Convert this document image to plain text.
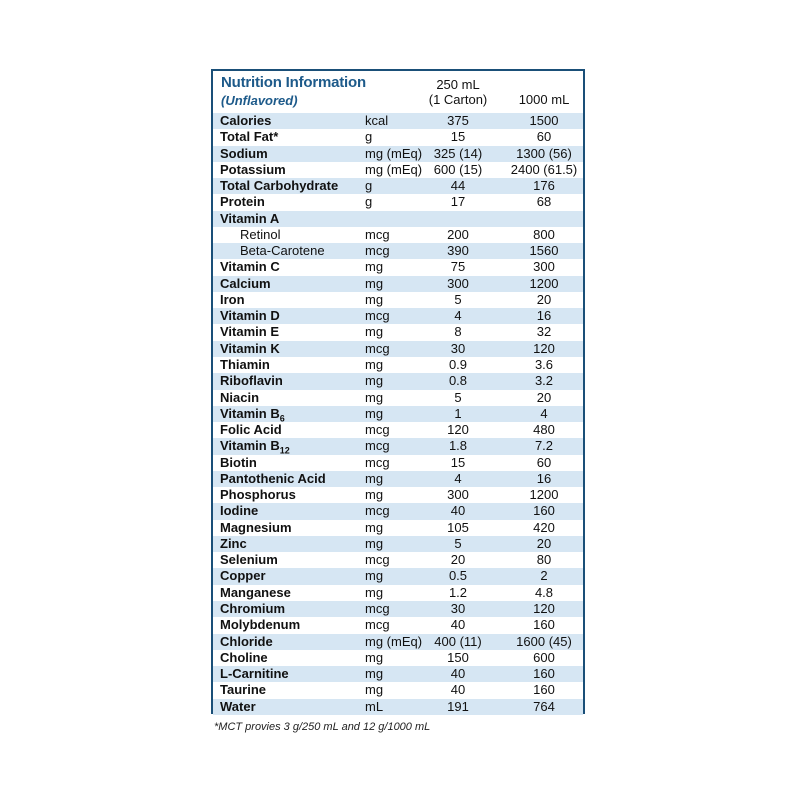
Nutrition Information
(Unflavored)
250 mL
(1 Carton)	1000 mL
Calories	kcal	375	1500
Total Fat*	g	15	60
Sodium	mg (mEq) 325 (14)	1300 (56)
Potassium	mg (mEq) 600 (15)	2400 (61.5)
Total Carbohydrate g	44	176
Protein	g	17	68
Vitamin A
Retinol	mcg	200	800
Beta-Carotene	mcg	390	1560
Vitamin C	mg	75	300
Calcium	mg	300	1200
Iron	mg	5	20
Vitamin D	mcg	4	16
Vitamin E	mg	8	32
Vitamin K	mcg	30	120
Thiamin	mg	0.9	3.6
Riboflavin	mg	0.8	3.2
Niacin	mg	5	20
Vitamin $B_6$	mg	1	4
Folic Acid	mcg	120	480
Vitamin $B_{12}$	mcg	1.8	7.2
Biotin	mcg	15	60
Pantothenic Acid	mg	4	16
Phosphorus	mg	300	1200
Iodine	mcg	40	160
Magnesium	mg	105	420
Zinc	mg	5	20
Selenium	mcg	20	80
Copper	mg	0.5	2
Manganese	mg	1.2	4.8
Chromium	mcg	30	120
Molybdenum	mcg	40	160
Chloride	mg (mEq) 400 (11)	1600 (45)
Choline	mg	150	600
L-Carnitine	mg	40	160
Taurine	mg	40	160
Water	mL	191	764
*MCT provies 3 g/250 mL and 12 g/1000 mL
